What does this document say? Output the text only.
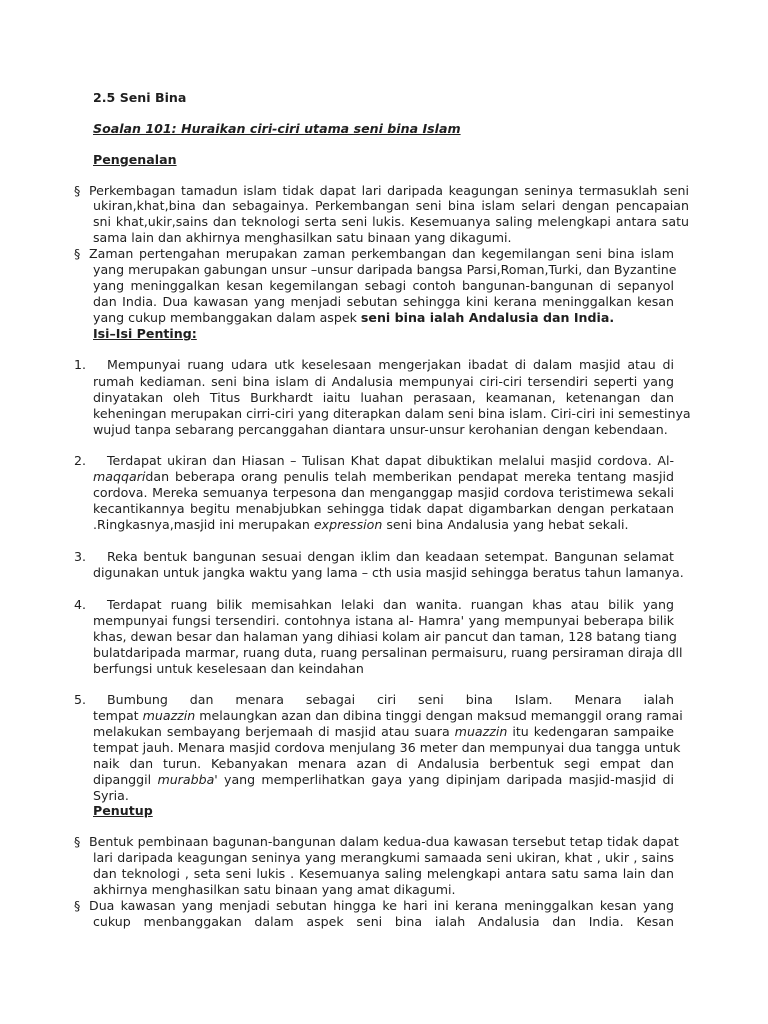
2.5 Seni Bina
Soalan 101: Huraikan ciri-ciri utama seni bina Islam
Pengenalan
§ Perkembagan tamadun islam tidak dapat lari daripada keagungan seninya termasuklah seni
ukiran,khat,bina dan sebagainya. Perkembangan seni bina islam selari dengan pencapaian
sni khat,ukir,sains dan teknologi serta seni lukis. Kesemuanya saling melengkapi antara satu
sama lain dan akhirnya menghasilkan satu binaan yang dikagumi.
§ Zaman pertengahan merupakan zaman perkembangan dan kegemilangan seni bina islam
yang merupakan gabungan unsur –unsur daripada bangsa Parsi,Roman,Turki, dan Byzantine
yang meninggalkan kesan kegemilangan sebagi contoh bangunan-bangunan di sepanyol
dan India. Dua kawasan yang menjadi sebutan sehingga kini kerana meninggalkan kesan
yang cukup membanggakan dalam aspek seni bina ialah Andalusia dan India.
Isi–Isi Penting:
1. Mempunyai ruang udara utk keselesaan mengerjakan ibadat di dalam masjid atau di
rumah kediaman. seni bina islam di Andalusia mempunyai ciri-ciri tersendiri seperti yang
dinyatakan oleh Titus Burkhardt iaitu luahan perasaan, keamanan, ketenangan dan
keheningan merupakan cirri-ciri yang diterapkan dalam seni bina islam. Ciri-ciri ini semestinya
wujud tanpa sebarang percanggahan diantara unsur-unsur kerohanian dengan kebendaan.
2. Terdapat ukiran dan Hiasan – Tulisan Khat dapat dibuktikan melalui masjid cordova. Al-
maqqaridan beberapa orang penulis telah memberikan pendapat mereka tentang masjid
cordova. Mereka semuanya terpesona dan menganggap masjid cordova teristimewa sekali
kecantikannya begitu menabjubkan sehingga tidak dapat digambarkan dengan perkataan
.Ringkasnya,masjid ini merupakan expression seni bina Andalusia yang hebat sekali.
3. Reka bentuk bangunan sesuai dengan iklim dan keadaan setempat. Bangunan selamat
digunakan untuk jangka waktu yang lama – cth usia masjid sehingga beratus tahun lamanya.
4. Terdapat ruang bilik memisahkan lelaki dan wanita. ruangan khas atau bilik yang
mempunyai fungsi tersendiri. contohnya istana al- Hamra' yang mempunyai beberapa bilik
khas, dewan besar dan halaman yang dihiasi kolam air pancut dan taman, 128 batang tiang
bulatdaripada marmar, ruang duta, ruang persalinan permaisuru, ruang persiraman diraja dll
berfungsi untuk keselesaan dan keindahan
5. Bumbung dan menara sebagai ciri seni bina Islam. Menara ialah
tempat muazzin melaungkan azan dan dibina tinggi dengan maksud memanggil orang ramai
melakukan sembayang berjemaah di masjid atau suara muazzin itu kedengaran sampaike
tempat jauh. Menara masjid cordova menjulang 36 meter dan mempunyai dua tangga untuk
naik dan turun. Kebanyakan menara azan di Andalusia berbentuk segi empat dan
dipanggil murabba' yang memperlihatkan gaya yang dipinjam daripada masjid-masjid di
Syria.
Penutup
§ Bentuk pembinaan bagunan-bangunan dalam kedua-dua kawasan tersebut tetap tidak dapat
lari daripada keagungan seninya yang merangkumi samaada seni ukiran, khat , ukir , sains
dan teknologi , seta seni lukis . Kesemuanya saling melengkapi antara satu sama lain dan
akhirnya menghasilkan satu binaan yang amat dikagumi.
§ Dua kawasan yang menjadi sebutan hingga ke hari ini kerana meninggalkan kesan yang
cukup menbanggakan dalam aspek seni bina ialah Andalusia dan India. Kesan
